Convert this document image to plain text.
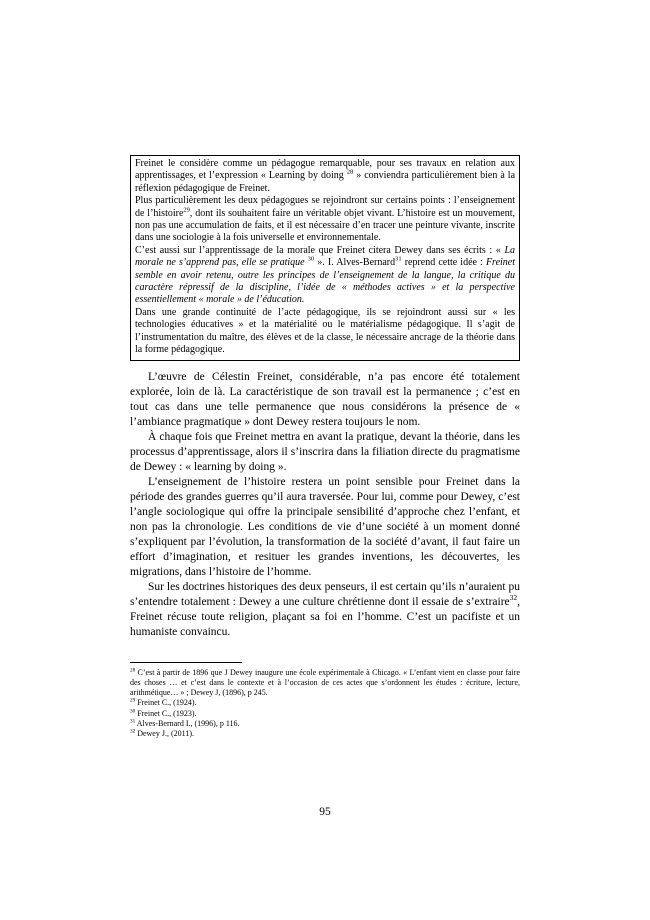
Freinet le considère comme un pédagogue remarquable, pour ses travaux en relation aux apprentissages, et l’expression « Learning by doing $^{28}$ » conviendra particulièrement bien à la réflexion pédagogique de Freinet.

Plus particulièrement les deux pédagogues se rejoindront sur certains points : l’enseignement de l’histoire$^{29}$, dont ils souhaitent faire un véritable objet vivant. L’histoire est un mouvement, non pas une accumulation de faits, et il est nécessaire d’en tracer une peinture vivante, inscrite dans une sociologie à la fois universelle et environnementale.

C’est aussi sur l’apprentissage de la morale que Freinet citera Dewey dans ses écrits : « La morale ne s’apprend pas, elle se pratique $^{30}$ ». I. Alves-Bernard$^{31}$ reprend cette idée : Freinet semble en avoir retenu, outre les principes de l’enseignement de la langue, la critique du caractère répressif de la discipline, l’idée de « méthodes actives » et la perspective essentiellement « morale » de l’éducation.

Dans une grande continuité de l’acte pédagogique, ils se rejoindront aussi sur « les technologies éducatives » et la matérialité ou le matérialisme pédagogique. Il s’agit de l’instrumentation du maître, des élèves et de la classe, le nécessaire ancrage de la théorie dans la forme pédagogique.

L’œuvre de Célestin Freinet, considérable, n’a pas encore été totalement explorée, loin de là. La caractéristique de son travail est la permanence ; c’est en tout cas dans une telle permanence que nous considérons la présence de « l’ambiance pragmatique » dont Dewey restera toujours le nom.

À chaque fois que Freinet mettra en avant la pratique, devant la théorie, dans les processus d’apprentissage, alors il s’inscrira dans la filiation directe du pragmatisme de Dewey : « learning by doing ».

L’enseignement de l’histoire restera un point sensible pour Freinet dans la période des grandes guerres qu’il aura traversée. Pour lui, comme pour Dewey, c’est l’angle sociologique qui offre la principale sensibilité d’approche chez l’enfant, et non pas la chronologie. Les conditions de vie d’une société à un moment donné s’expliquent par l’évolution, la transformation de la société d’avant, il faut faire un effort d’imagination, et resituer les grandes inventions, les découvertes, les migrations, dans l’histoire de l’homme.

Sur les doctrines historiques des deux penseurs, il est certain qu’ils n’auraient pu s’entendre totalement : Dewey a une culture chrétienne dont il essaie de s’extraire$^{32}$, Freinet récuse toute religion, plaçant sa foi en l’homme. C’est un pacifiste et un humaniste convaincu.

$^{28}$ C’est à partir de 1896 que J Dewey inaugure une école expérimentale à Chicago. « L’enfant vient en classe pour faire des choses … et c’est dans le contexte et à l’occasion de ces actes que s’ordonnent les études : écriture, lecture, arithmétique… » ; Dewey J, (1896), p 245.

$^{29}$ Freinet C., (1924).

$^{30}$ Freinet C., (1923).

$^{31}$ Alves-Bernard I., (1996), p 116.

$^{32}$ Dewey J., (2011).

95
